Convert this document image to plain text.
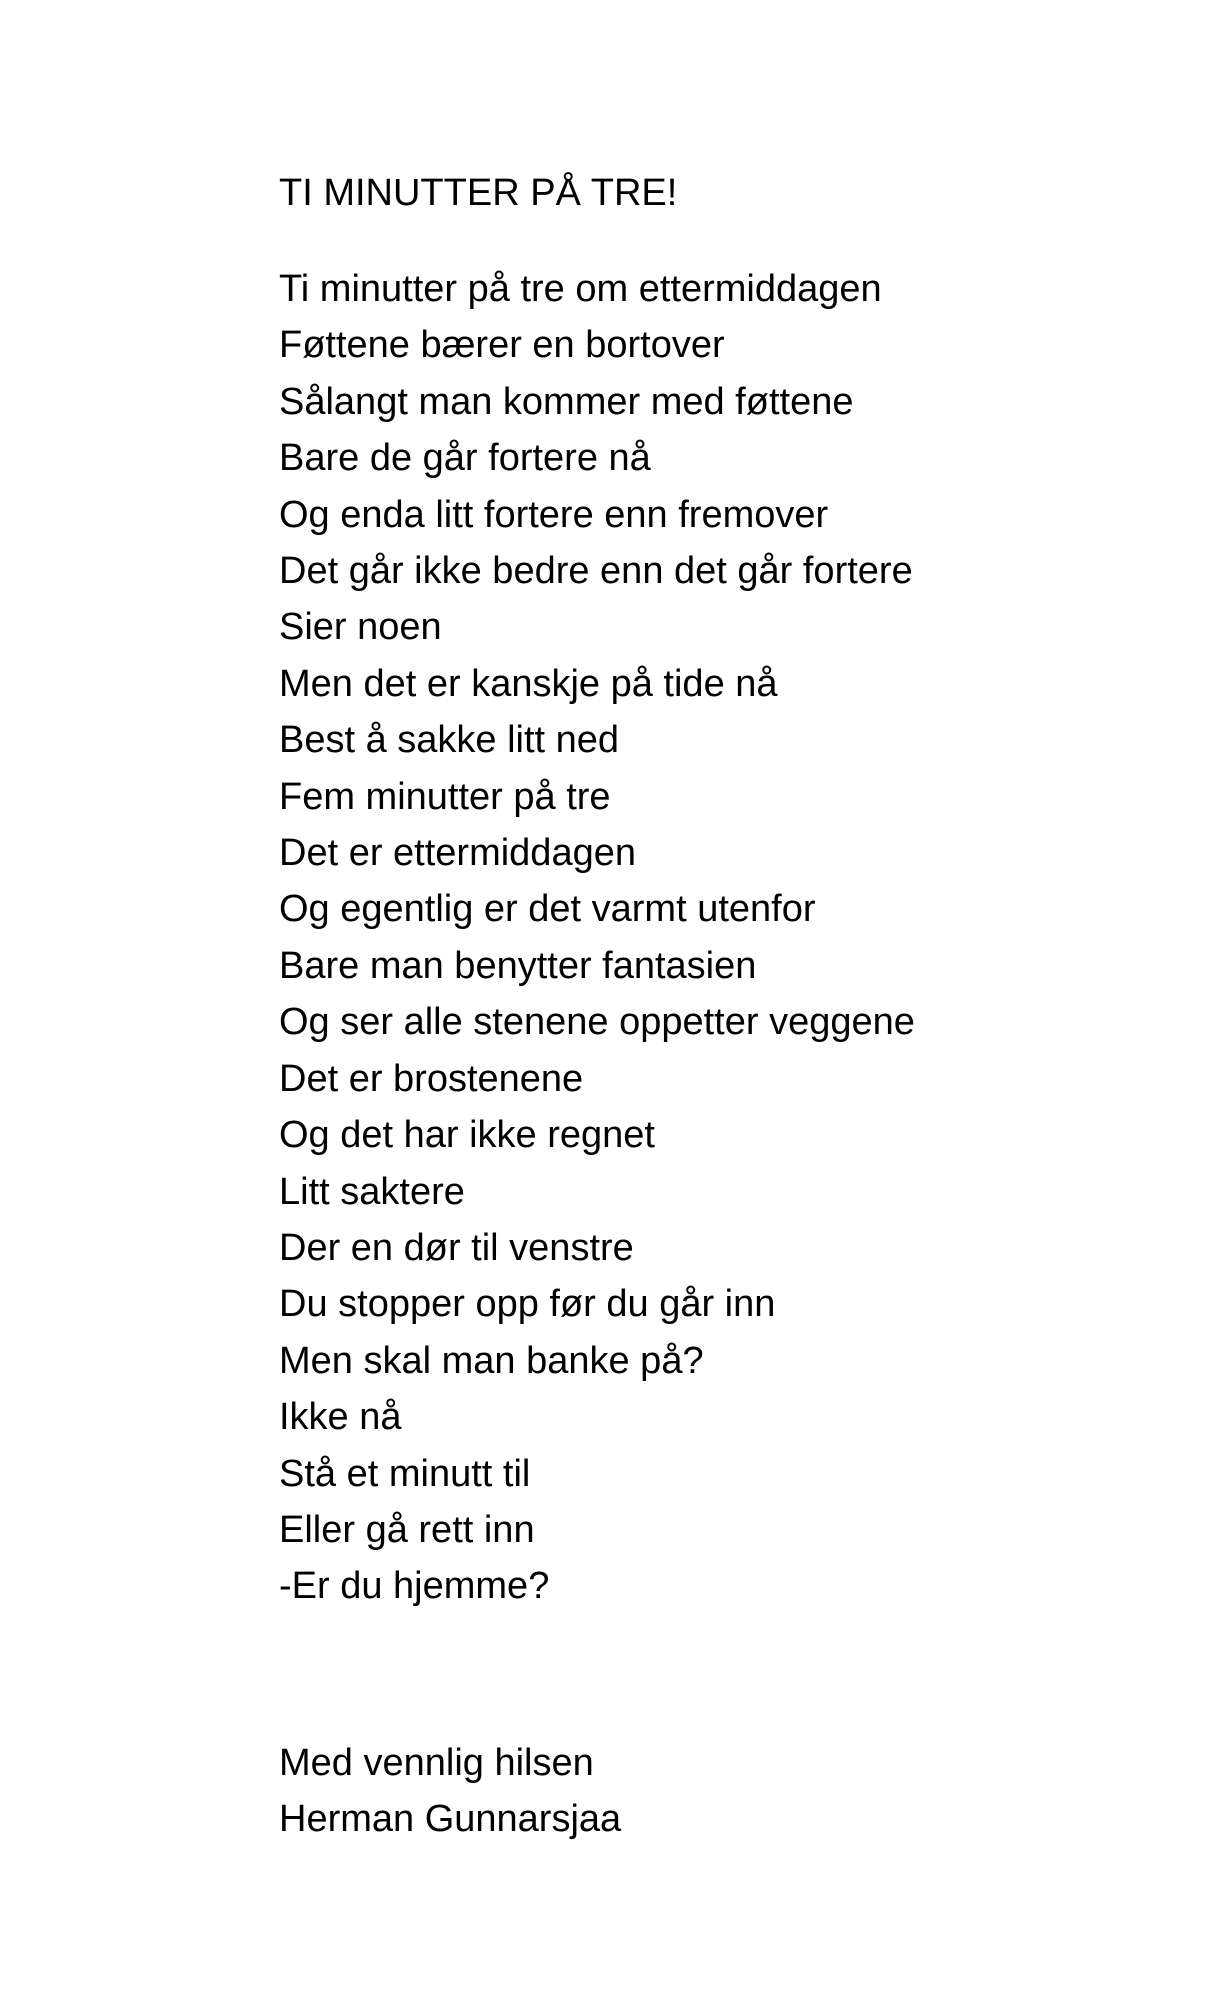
TI MINUTTER PÅ TRE!
Ti minutter på tre om ettermiddagen
Føttene bærer en bortover
Sålangt man kommer med føttene
Bare de går fortere nå
Og enda litt fortere enn fremover
Det går ikke bedre enn det går fortere
Sier noen
Men det er kanskje på tide nå
Best å sakke litt ned
Fem minutter på tre
Det er ettermiddagen
Og egentlig er det varmt utenfor
Bare man benytter fantasien
Og ser alle stenene oppetter veggene
Det er brostenene
Og det har ikke regnet
Litt saktere
Der en dør til venstre
Du stopper opp før du går inn
Men skal man banke på?
Ikke nå
Stå et minutt til
Eller gå rett inn
-Er du hjemme?
Med vennlig hilsen
Herman Gunnarsjaa
